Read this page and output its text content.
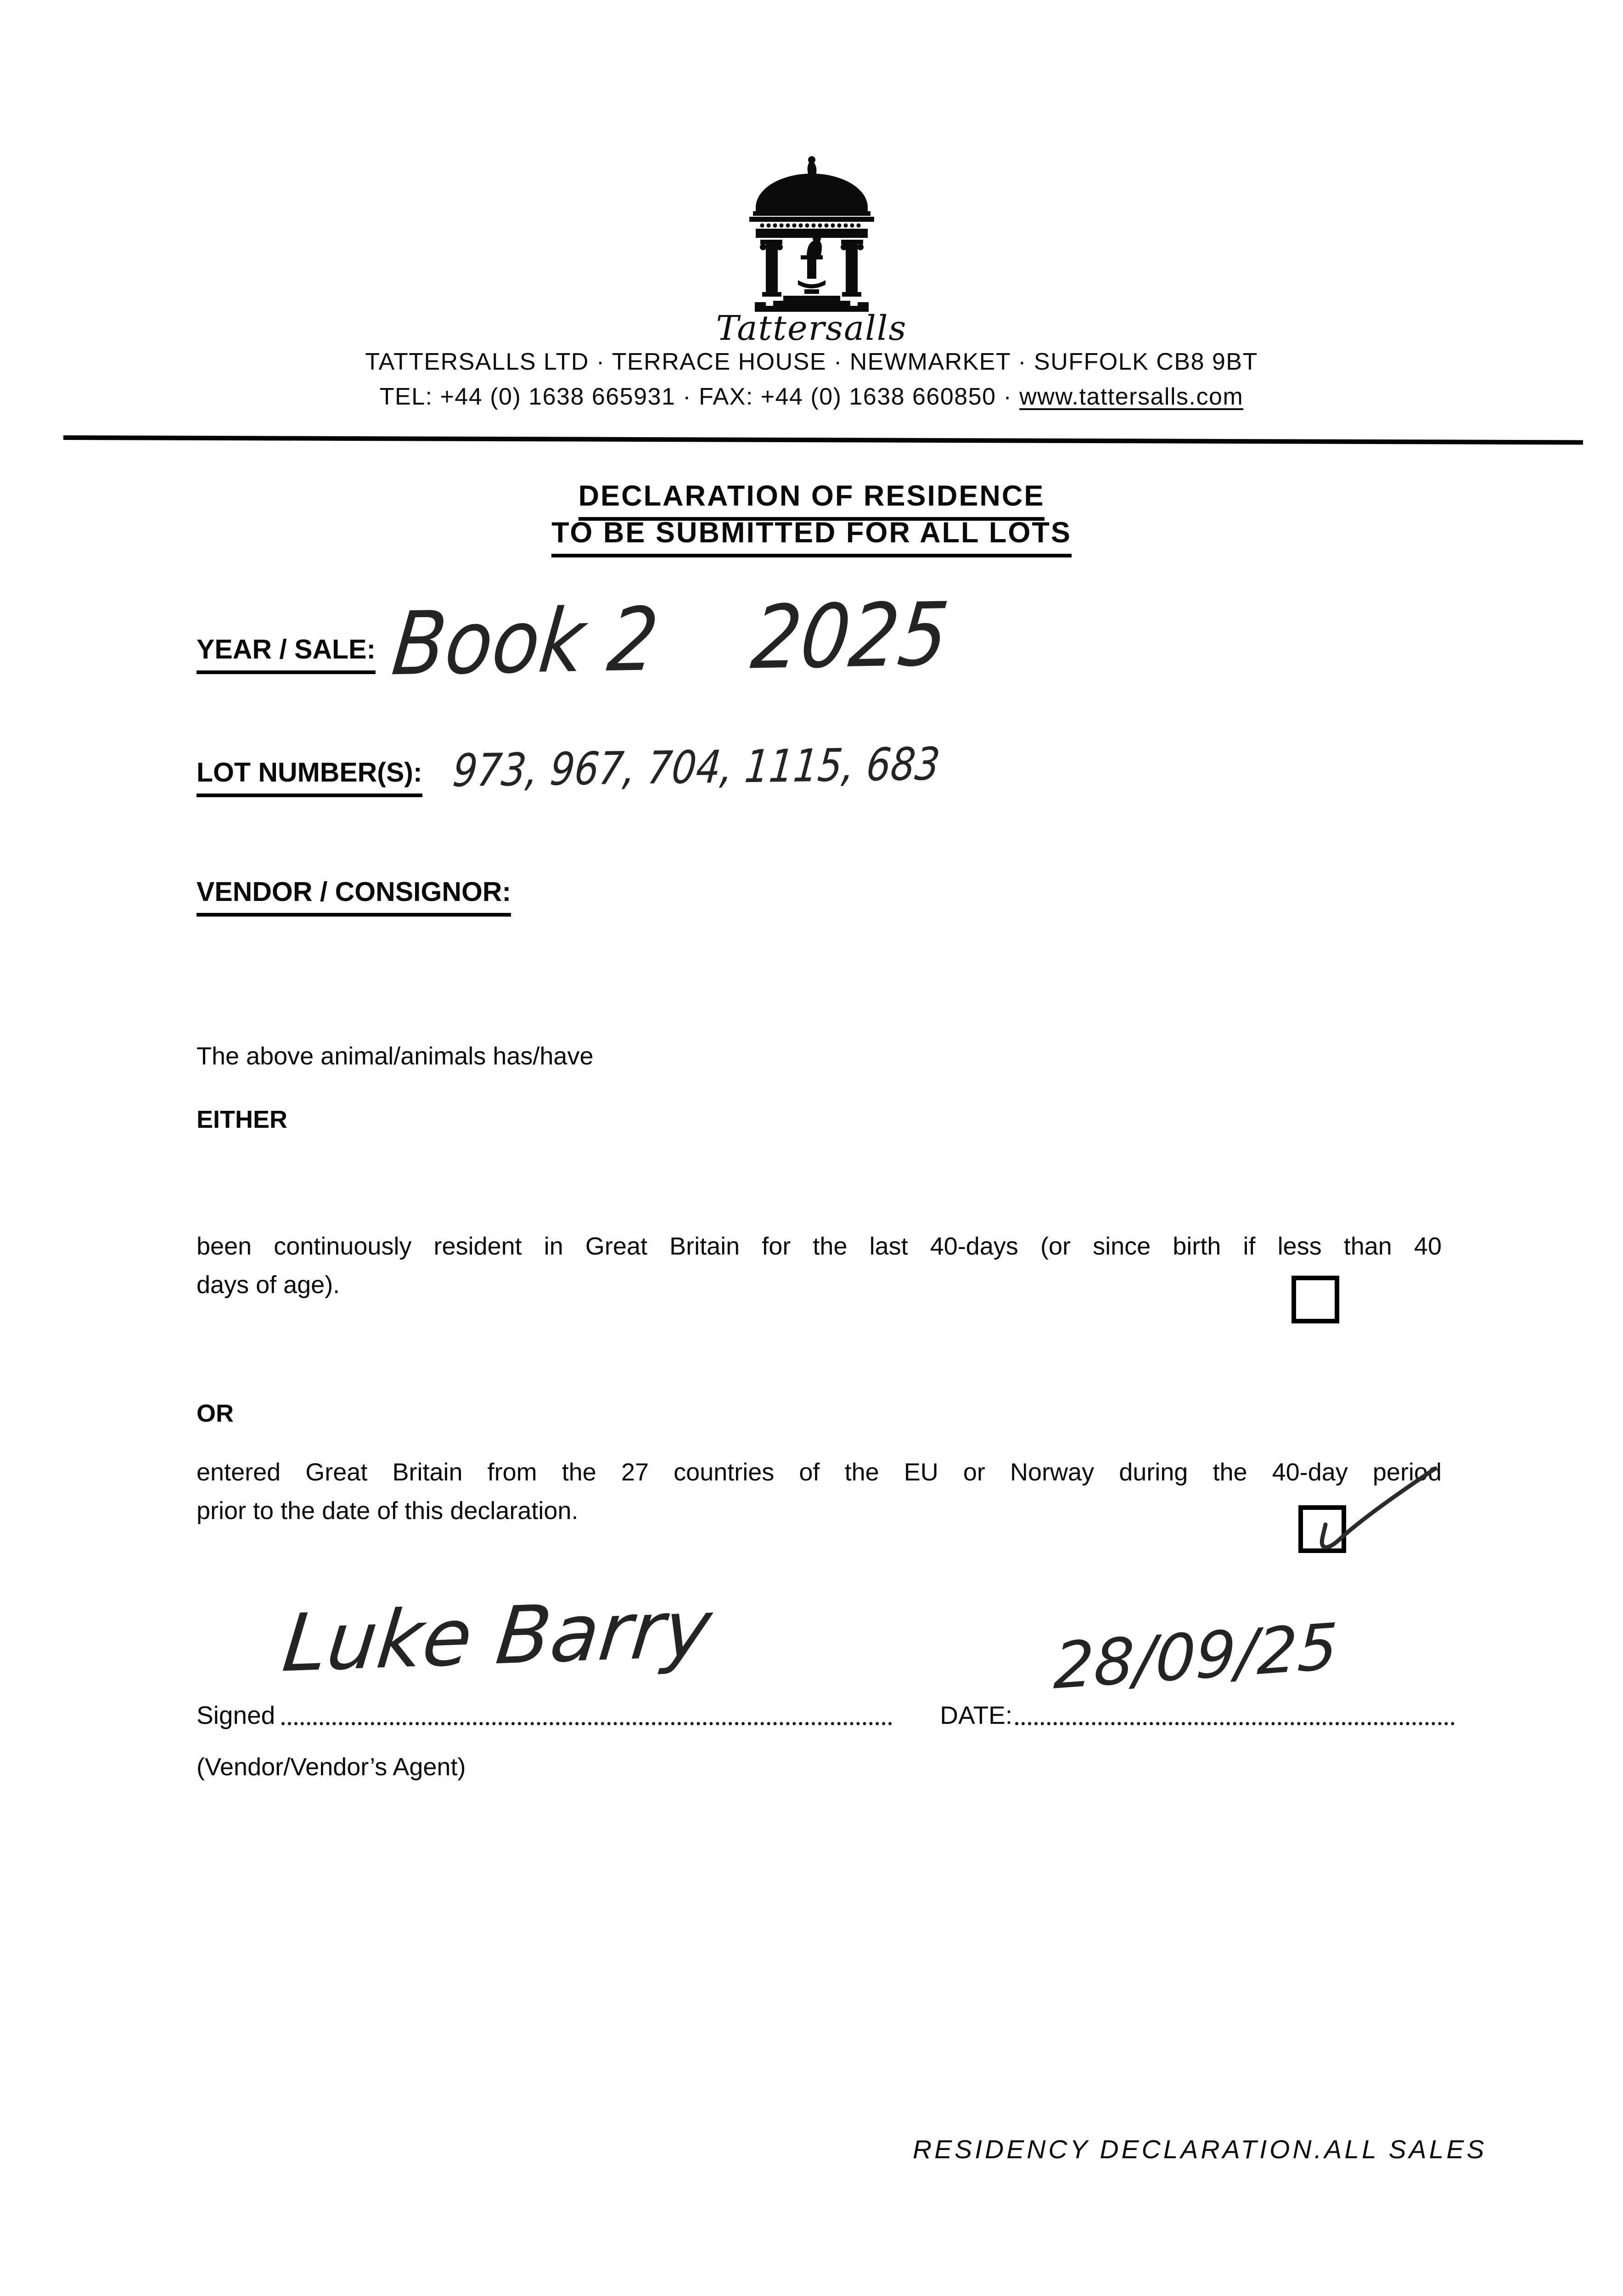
Tattersalls
TATTERSALLS LTD · TERRACE HOUSE · NEWMARKET · SUFFOLK CB8 9BT
TEL: +44 (0) 1638 665931 · FAX: +44 (0) 1638 660850 · www.tattersalls.com
DECLARATION OF RESIDENCE
TO BE SUBMITTED FOR ALL LOTS
YEAR / SALE: Book 2 2025
LOT NUMBER(S): 973, 967, 704, 1115, 683
VENDOR / CONSIGNOR:
The above animal/animals has/have
EITHER
been continuously resident in Great Britain for the last 40-days (or since birth if less than 40
days of age).
OR
entered Great Britain from the 27 countries of the EU or Norway during the 40-day period
prior to the date of this declaration.
Signed	DATE:
Luke Barry	28/09/25
(Vendor/Vendor’s Agent)
RESIDENCY DECLARATION.ALL SALES
